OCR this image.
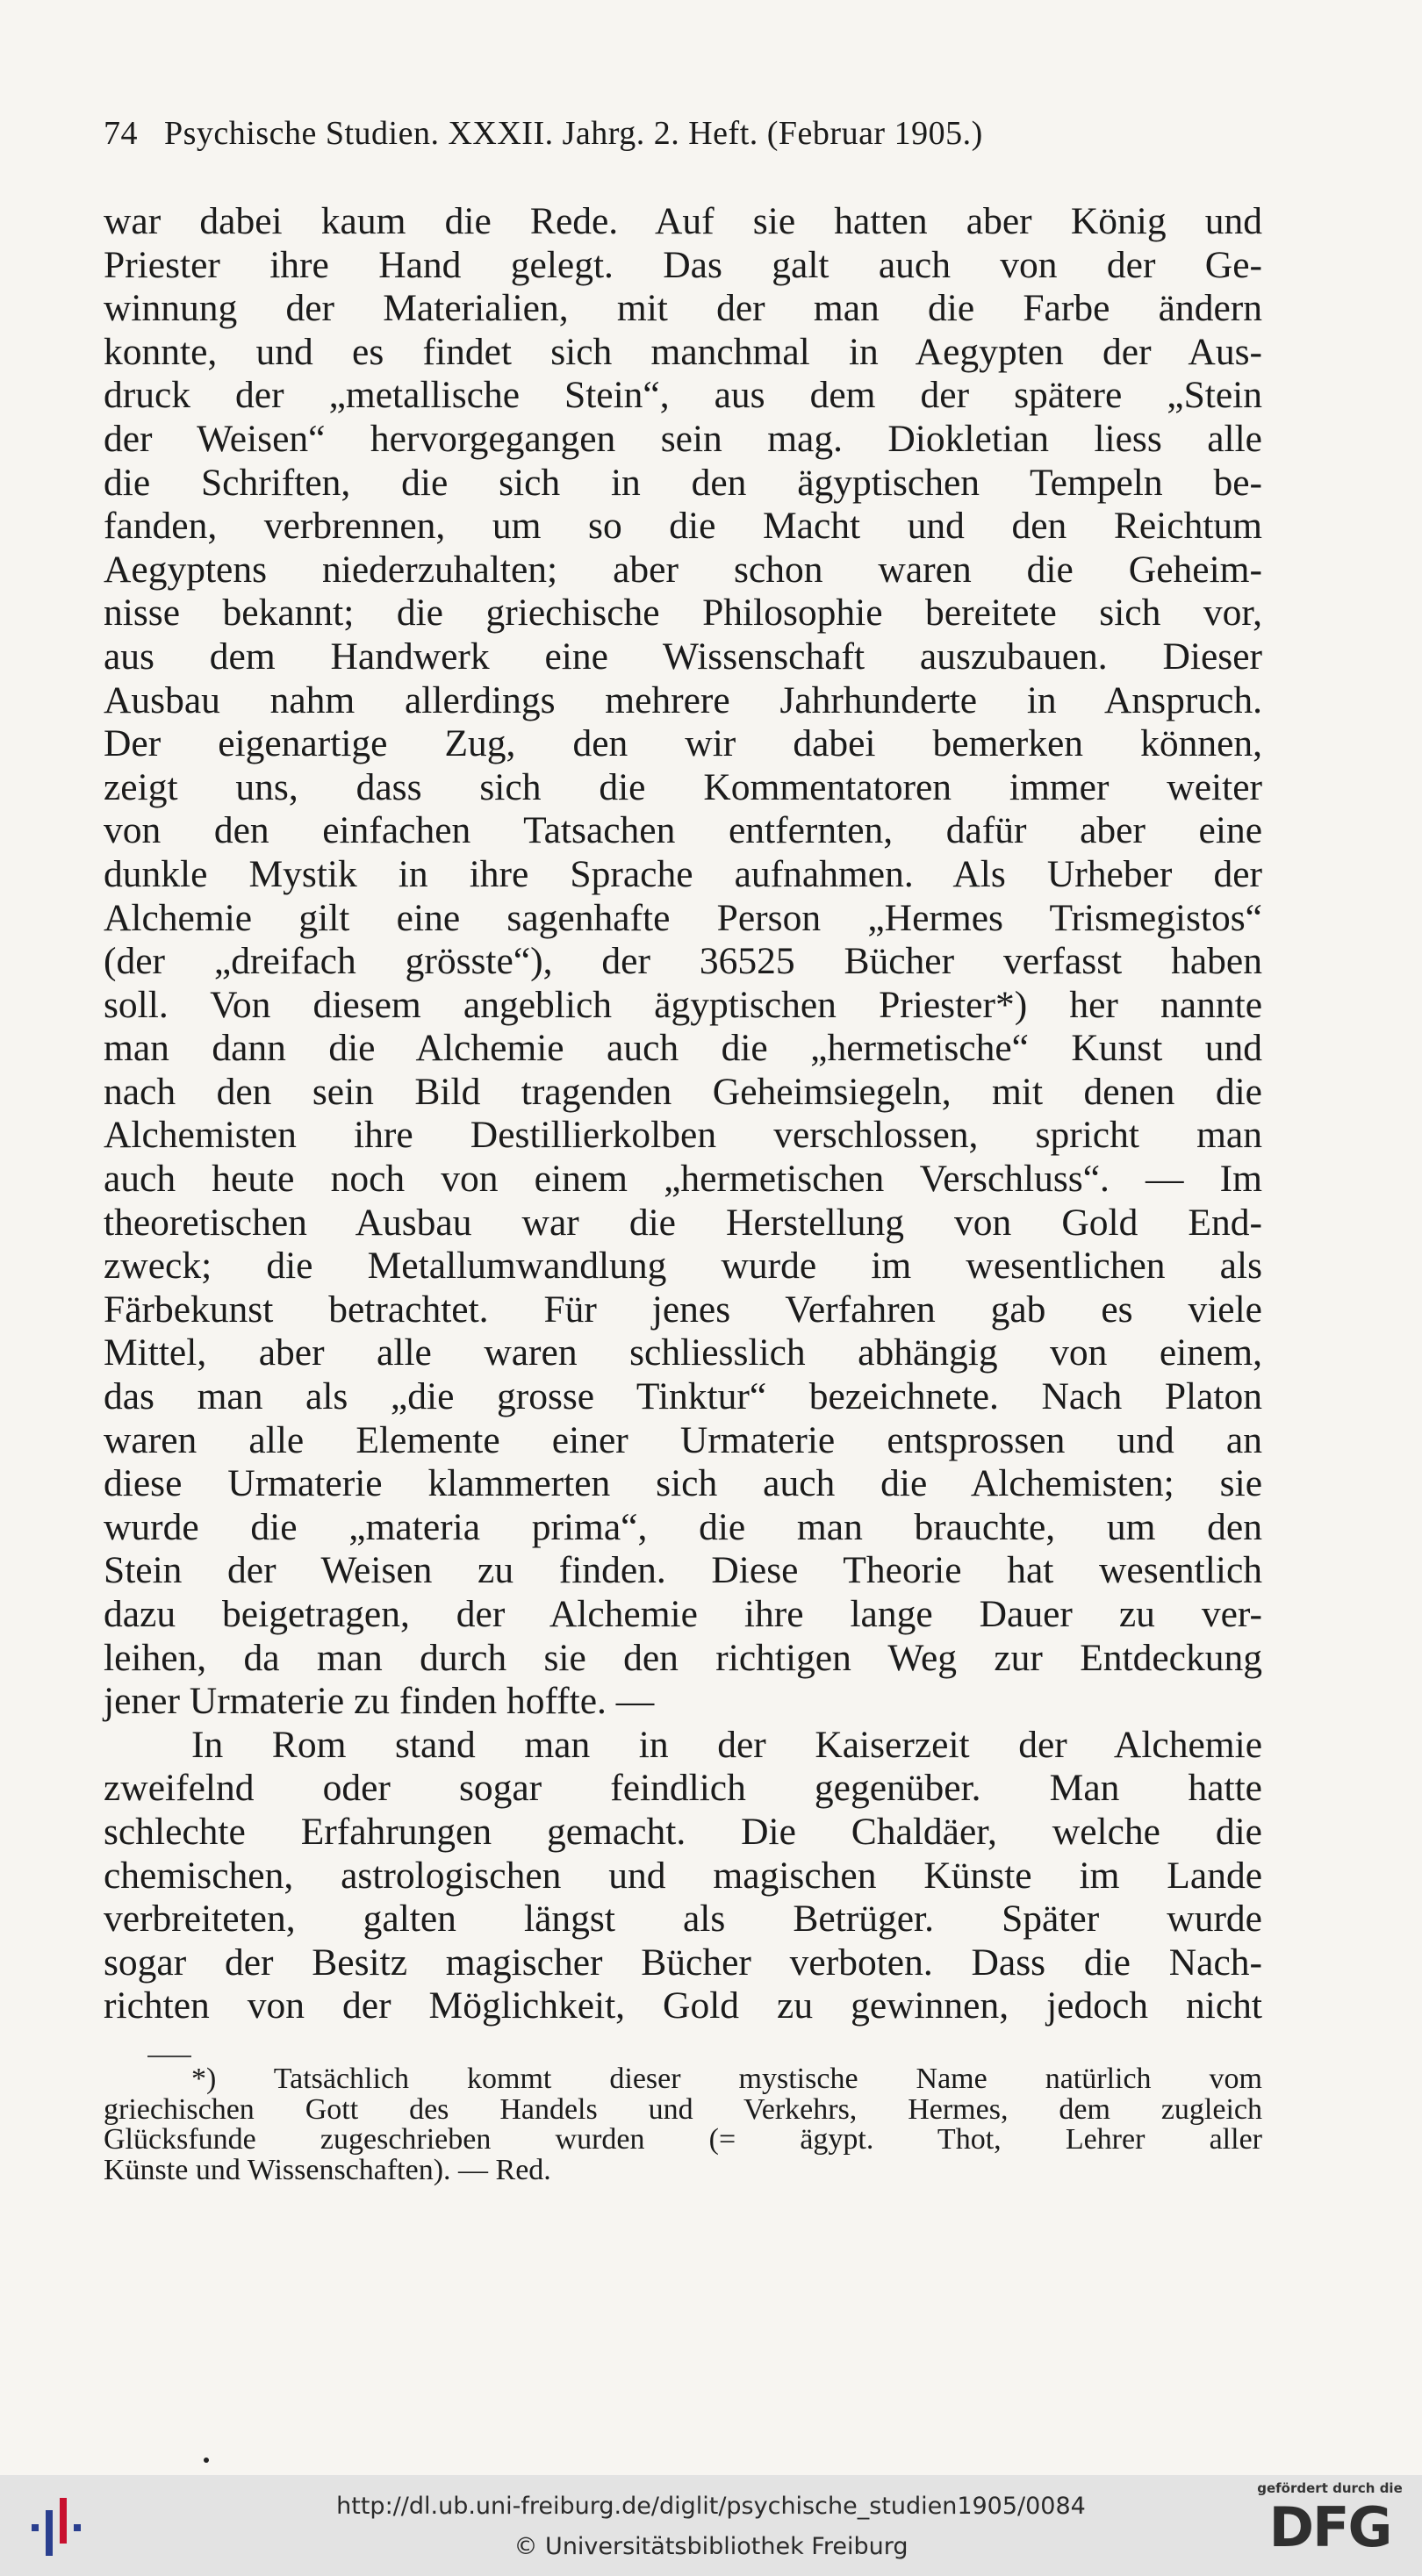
74 Psychische Studien. XXXII. Jahrg. 2. Heft. (Februar 1905.)
war dabei kaum die Rede. Auf sie hatten aber König und
Priester ihre Hand gelegt. Das galt auch von der Ge-
winnung der Materialien, mit der man die Farbe ändern
konnte, und es findet sich manchmal in Aegypten der Aus-
druck der „metallische Stein“, aus dem der spätere „Stein
der Weisen“ hervorgegangen sein mag. Diokletian liess alle
die Schriften, die sich in den ägyptischen Tempeln be-
fanden, verbrennen, um so die Macht und den Reichtum
Aegyptens niederzuhalten; aber schon waren die Geheim-
nisse bekannt; die griechische Philosophie bereitete sich vor,
aus dem Handwerk eine Wissenschaft auszubauen. Dieser
Ausbau nahm allerdings mehrere Jahrhunderte in Anspruch.
Der eigenartige Zug, den wir dabei bemerken können,
zeigt uns, dass sich die Kommentatoren immer weiter
von den einfachen Tatsachen entfernten, dafür aber eine
dunkle Mystik in ihre Sprache aufnahmen. Als Urheber der
Alchemie gilt eine sagenhafte Person „Hermes Trismegistos“
(der „dreifach grösste“), der 36525 Bücher verfasst haben
soll. Von diesem angeblich ägyptischen Priester*) her nannte
man dann die Alchemie auch die „hermetische“ Kunst und
nach den sein Bild tragenden Geheimsiegeln, mit denen die
Alchemisten ihre Destillierkolben verschlossen, spricht man
auch heute noch von einem „hermetischen Verschluss“. — Im
theoretischen Ausbau war die Herstellung von Gold End-
zweck; die Metallumwandlung wurde im wesentlichen als
Färbekunst betrachtet. Für jenes Verfahren gab es viele
Mittel, aber alle waren schliesslich abhängig von einem,
das man als „die grosse Tinktur“ bezeichnete. Nach Platon
waren alle Elemente einer Urmaterie entsprossen und an
diese Urmaterie klammerten sich auch die Alchemisten; sie
wurde die „materia prima“, die man brauchte, um den
Stein der Weisen zu finden. Diese Theorie hat wesentlich
dazu beigetragen, der Alchemie ihre lange Dauer zu ver-
leihen, da man durch sie den richtigen Weg zur Entdeckung
jener Urmaterie zu finden hoffte. —
In Rom stand man in der Kaiserzeit der Alchemie
zweifelnd oder sogar feindlich gegenüber. Man hatte
schlechte Erfahrungen gemacht. Die Chaldäer, welche die
chemischen, astrologischen und magischen Künste im Lande
verbreiteten, galten längst als Betrüger. Später wurde
sogar der Besitz magischer Bücher verboten. Dass die Nach-
richten von der Möglichkeit, Gold zu gewinnen, jedoch nicht
*) Tatsächlich kommt dieser mystische Name natürlich vom
griechischen Gott des Handels und Verkehrs, Hermes, dem zugleich
Glücksfunde zugeschrieben wurden (= ägypt. Thot, Lehrer aller
Künste und Wissenschaften). — Red.
http://dl.ub.uni-freiburg.de/diglit/psychische_studien1905/0084
© Universitätsbibliothek Freiburg
gefördert durch die
DFG
